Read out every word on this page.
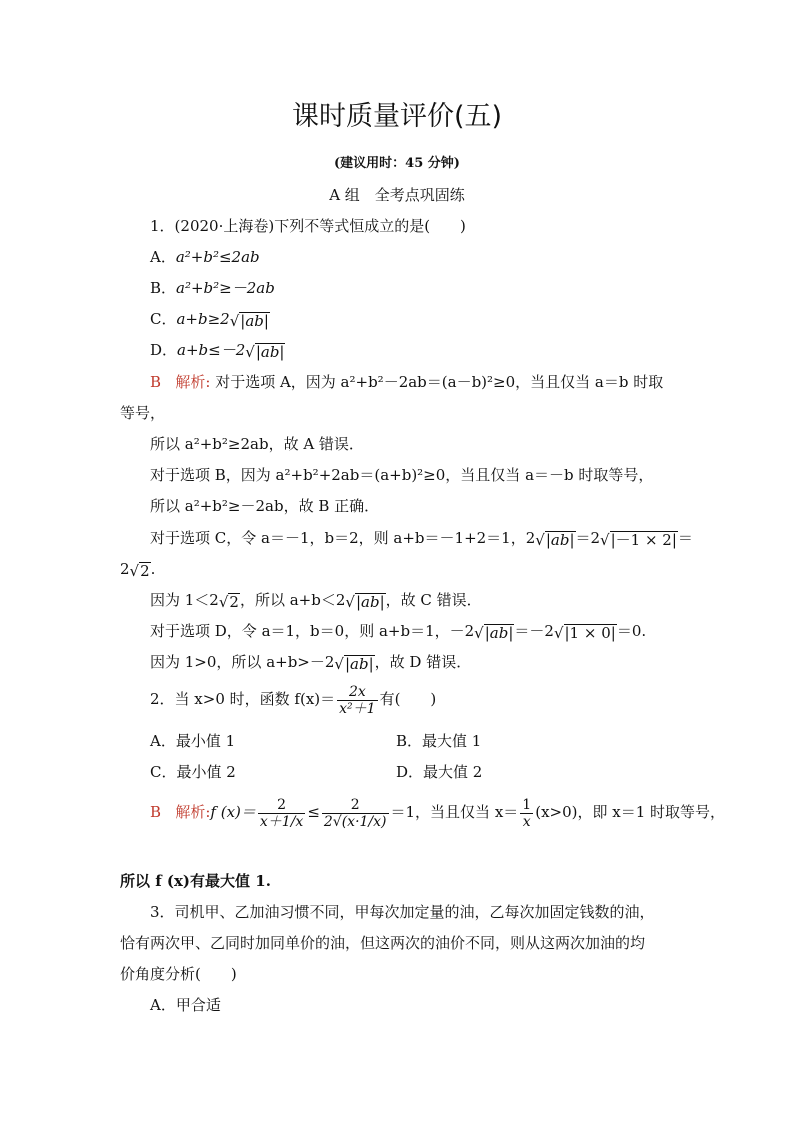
课时质量评价(五)
(建议用时：45 分钟)
A 组　全考点巩固练
1．(2020·上海卷)下列不等式恒成立的是(　　)
A．a²+b²≤2ab
B．a²+b²≥－2ab
C．a+b≥2√|ab|
D．a+b≤－2√|ab|
B 解析: 对于选项 A，因为 a²+b²－2ab＝(a－b)²≥0，当且仅当 a＝b 时取
等号，
所以 a²+b²≥2ab，故 A 错误．
对于选项 B，因为 a²+b²+2ab＝(a+b)²≥0，当且仅当 a＝－b 时取等号，
所以 a²+b²≥－2ab，故 B 正确．
对于选项 C，令 a＝－1，b＝2，则 a+b＝－1+2＝1，2√|ab|＝2√|－1 × 2|＝
2√2.
因为 1＜2√2，所以 a+b＜2√|ab|，故 C 错误．
对于选项 D，令 a＝1，b＝0，则 a+b＝1，－2√|ab|＝－2√|1 × 0|＝0.
因为 1>0，所以 a+b>－2√|ab|，故 D 错误．
2．当 x>0 时，函数 $f(x)= \frac{2x}{\text{x²＋1}}$ 有(　　)
A．最小值 1	B．最大值 1
C．最小值 2	D．最大值 2
B 解析:f $(x)= \frac{2}{x+1/x} \le \frac{2}{2√(x\cdot 1/x)} =1$，当且仅当 $x= \frac{1}{x} (x>0)$，即 x＝1 时取等号，
所以 f (x)有最大值 1.
3．司机甲、乙加油习惯不同，甲每次加定量的油，乙每次加固定钱数的油，
恰有两次甲、乙同时加同单价的油，但这两次的油价不同，则从这两次加油的均
价角度分析(　　)
A．甲合适
